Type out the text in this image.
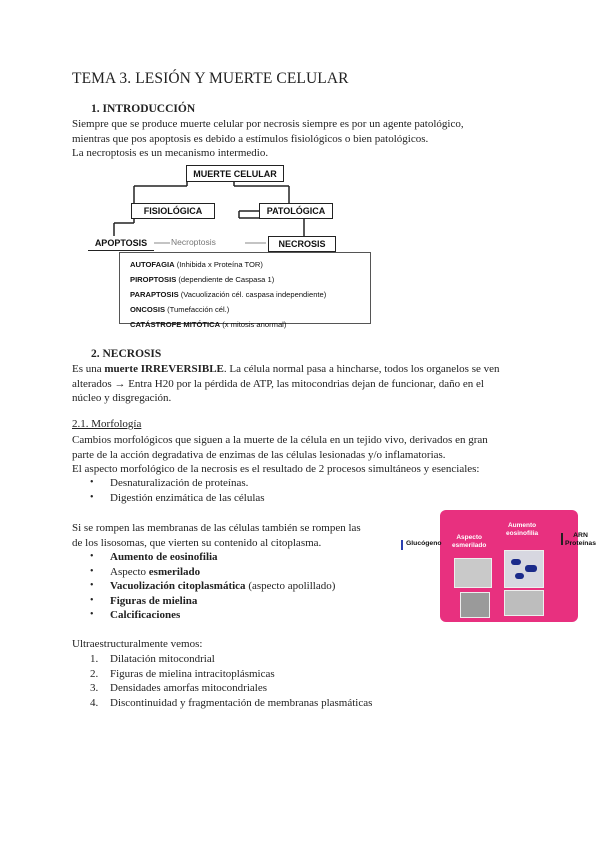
TEMA 3. LESIÓN Y MUERTE CELULAR
1. INTRODUCCIÓN
Siempre que se produce muerte celular por necrosis siempre es por un agente patológico,
mientras que pos apoptosis es debido a estímulos fisiológicos o bien patológicos.
La necroptosis es un mecanismo intermedio.
MUERTE CELULAR
FISIOLÓGICA	PATOLÓGICA
APOPTOSIS	Necroptosis	NECROSIS
AUTOFAGIA (Inhibida x Proteína TOR)
PIROPTOSIS (dependiente de Caspasa 1)
PARAPTOSIS (Vacuolización cél. caspasa independiente)
ONCOSIS (Tumefacción cél.)
CATÁSTROFE MITÓTICA (x mitosis anormal)
2. NECROSIS
Es una muerte IRREVERSIBLE. La célula normal pasa a hincharse, todos los organelos se ven
alterados → Entra H20 por la pérdida de ATP, las mitocondrias dejan de funcionar, daño en el
núcleo y disgregación.
2.1. Morfología
Cambios morfológicos que siguen a la muerte de la célula en un tejido vivo, derivados en gran
parte de la acción degradativa de enzimas de las células lesionadas y/o inflamatorias.
El aspecto morfológico de la necrosis es el resultado de 2 procesos simultáneos y esenciales:
• Desnaturalización de proteínas.
• Digestión enzimática de las células
Si se rompen las membranas de las células también se rompen las
de los lisosomas, que vierten su contenido al citoplasma.
• Aumento de eosinofilia
• Aspecto esmerilado
• Vacuolización citoplasmática (aspecto apolillado)
• Figuras de mielina
• Calcificaciones
Aspecto
esmerilado
Aumento
eosinofilia
Glucógeno
ARN
Proteínas
Ultraestructuralmente vemos:
1. Dilatación mitocondrial
2. Figuras de mielina intracitoplásmicas
3. Densidades amorfas mitocondriales
4. Discontinuidad y fragmentación de membranas plasmáticas
